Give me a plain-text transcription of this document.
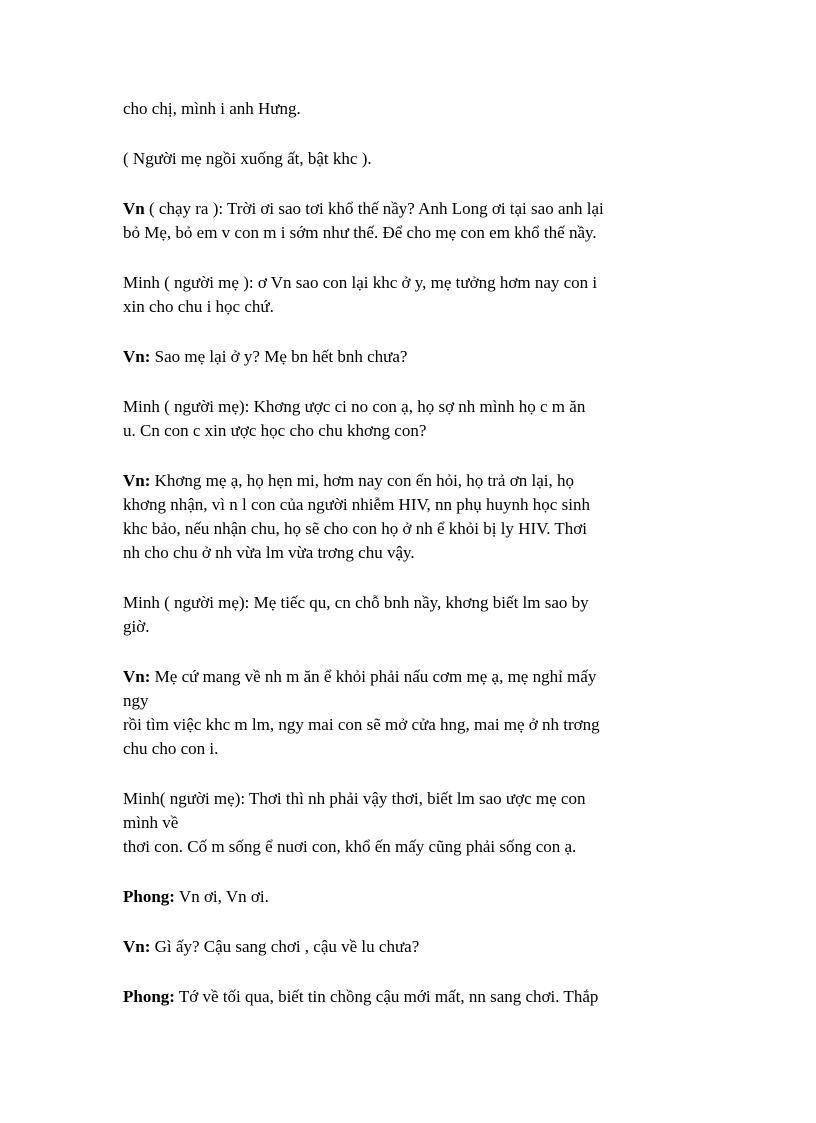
cho chị, mình i anh Hưng.

( Người mẹ ngồi xuống ất, bật khc ).

Vn ( chạy ra ): Trời ơi sao tơi khổ thế nầy? Anh Long ơi tại sao anh lại
bỏ Mẹ, bỏ em v con m i sớm như thế. Để cho mẹ con em khổ thế nầy.

Minh ( người mẹ ): ơ Vn sao con lại khc ở y, mẹ tưởng hơm nay con i
xin cho chu i học chứ.

Vn: Sao mẹ lại ở y? Mẹ bn hết bnh chưa?

Minh ( người mẹ): Khơng ược ci no con ạ, họ sợ nh mình họ c m ăn
u. Cn con c xin ược học cho chu khơng con?

Vn: Khơng mẹ ạ, họ hẹn mi, hơm nay con ến hỏi, họ trả ơn lại, họ
khơng nhận, vì n l con của người nhiễm HIV, nn phụ huynh học sinh
khc bảo, nếu nhận chu, họ sẽ cho con họ ở nh ể khỏi bị ly HIV. Thơi
nh cho chu ở nh vừa lm vừa trơng chu vậy.

Minh ( người mẹ): Mẹ tiếc qu, cn chỗ bnh nầy, khơng biết lm sao by
giờ.

Vn: Mẹ cứ mang về nh m ăn ể khỏi phải nấu cơm mẹ ạ, mẹ nghỉ mấy
ngy
rồi tìm việc khc m lm, ngy mai con sẽ mở cửa hng, mai mẹ ở nh trơng
chu cho con i.

Minh( người mẹ): Thơi thì nh phải vậy thơi, biết lm sao ược mẹ con
mình về
thơi con. Cố m sống ể nuơi con, khổ ến mấy cũng phải sống con ạ.

Phong: Vn ơi, Vn ơi.

Vn: Gì ấy? Cậu sang chơi , cậu về lu chưa?

Phong: Tớ về tối qua, biết tin chồng cậu mới mất, nn sang chơi. Thắp
